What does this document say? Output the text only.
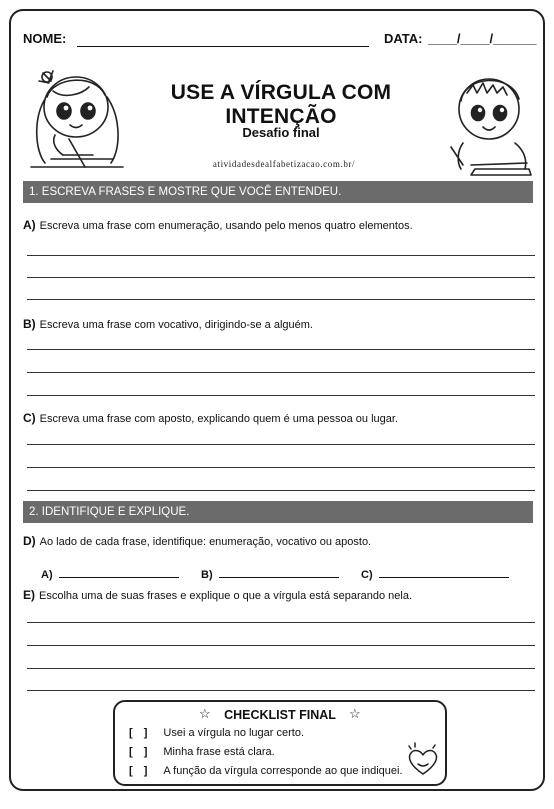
NOME:	DATA: ____/____/______
USE A VÍRGULA COM INTENÇÃO
Desafio final
atividadesdealfabetizacao.com.br/
1. ESCREVA FRASES E MOSTRE QUE VOCÊ ENTENDEU.
A) Escreva uma frase com enumeração, usando pelo menos quatro elementos.
B) Escreva uma frase com vocativo, dirigindo-se a alguém.
C) Escreva uma frase com aposto, explicando quem é uma pessoa ou lugar.
2. IDENTIFIQUE E EXPLIQUE.
D) Ao lado de cada frase, identifique: enumeração, vocativo ou aposto.
A)	B)	C)
E) Escolha uma de suas frases e explique o que a vírgula está separando nela.
☆	CHECKLIST FINAL	☆
[ ] Usei a vírgula no lugar certo.
[ ] Minha frase está clara.
[ ] A função da vírgula corresponde ao que indiquei.
